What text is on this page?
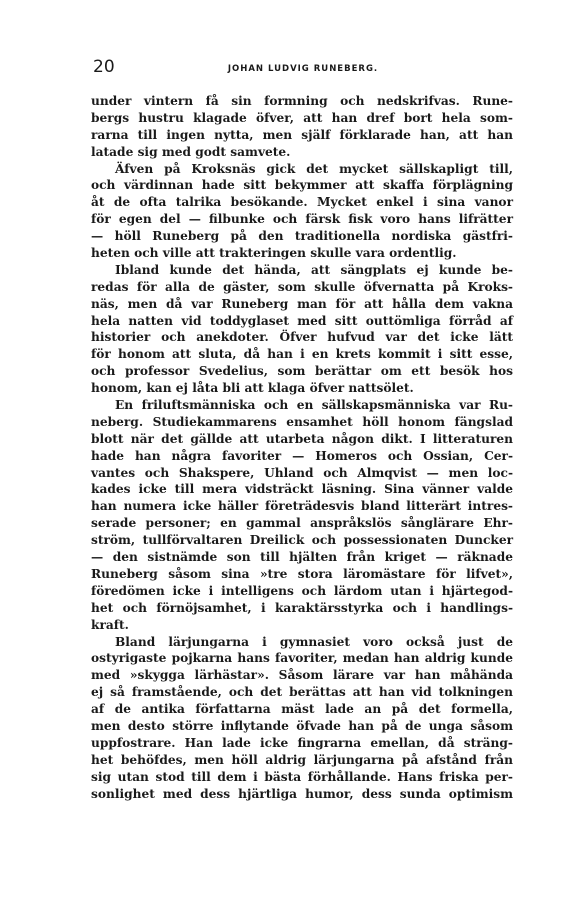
20	JOHAN LUDVIG RUNEBERG.
under vintern få sin formning och nedskrifvas. Rune-
bergs hustru klagade öfver, att han dref bort hela som-
rarna till ingen nytta, men själf förklarade han, att han
latade sig med godt samvete.
Äfven på Kroksnäs gick det mycket sällskapligt till,
och värdinnan hade sitt bekymmer att skaffa förplägning
åt de ofta talrika besökande. Mycket enkel i sina vanor
för egen del — filbunke och färsk fisk voro hans lifrätter
— höll Runeberg på den traditionella nordiska gästfri-
heten och ville att trakteringen skulle vara ordentlig.
Ibland kunde det hända, att sängplats ej kunde be-
redas för alla de gäster, som skulle öfvernatta på Kroks-
näs, men då var Runeberg man för att hålla dem vakna
hela natten vid toddyglaset med sitt outtömliga förråd af
historier och anekdoter. Öfver hufvud var det icke lätt
för honom att sluta, då han i en krets kommit i sitt esse,
och professor Svedelius, som berättar om ett besök hos
honom, kan ej låta bli att klaga öfver nattsölet.
En friluftsmänniska och en sällskapsmänniska var Ru-
neberg. Studiekammarens ensamhet höll honom fängslad
blott när det gällde att utarbeta någon dikt. I litteraturen
hade han några favoriter — Homeros och Ossian, Cer-
vantes och Shakspere, Uhland och Almqvist — men loc-
kades icke till mera vidsträckt läsning. Sina vänner valde
han numera icke häller företrädesvis bland litterärt intres-
serade personer; en gammal anspråkslös sånglärare Ehr-
ström, tullförvaltaren Dreilick och possessionaten Duncker
— den sistnämde son till hjälten från kriget — räknade
Runeberg såsom sina »tre stora läromästare för lifvet»,
föredömen icke i intelligens och lärdom utan i hjärtegod-
het och förnöjsamhet, i karaktärsstyrka och i handlings-
kraft.
Bland lärjungarna i gymnasiet voro också just de
ostyrigaste pojkarna hans favoriter, medan han aldrig kunde
med »skygga lärhästar». Såsom lärare var han måhända
ej så framstående, och det berättas att han vid tolkningen
af de antika författarna mäst lade an på det formella,
men desto större inflytande öfvade han på de unga såsom
uppfostrare. Han lade icke fingrarna emellan, då sträng-
het behöfdes, men höll aldrig lärjungarna på afstånd från
sig utan stod till dem i bästa förhållande. Hans friska per-
sonlighet med dess hjärtliga humor, dess sunda optimism
